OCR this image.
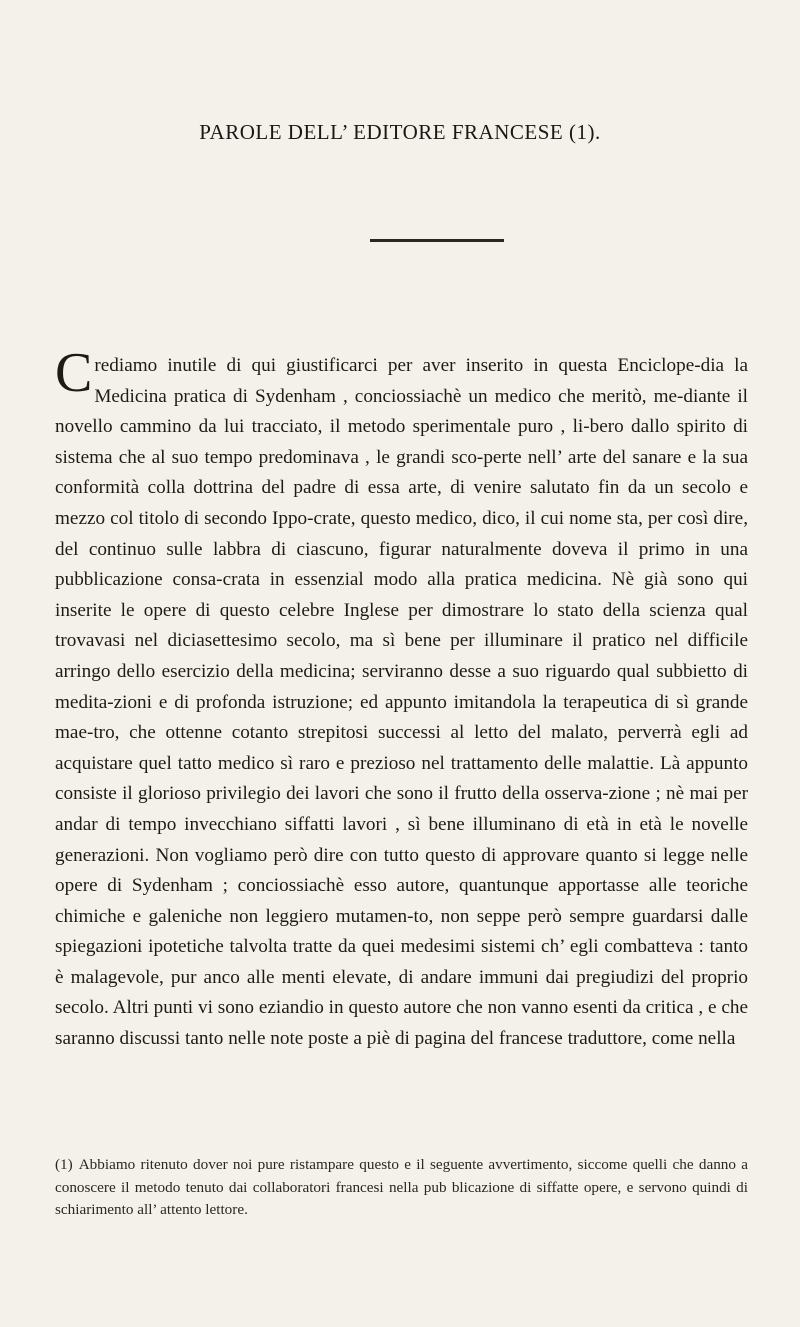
PAROLE DELL’ EDITORE FRANCESE (1).
Crediamo inutile di qui giustificarci per aver inserito in questa Enciclope-dia la Medicina pratica di Sydenham , conciossiachè un medico che meritò, me-diante il novello cammino da lui tracciato, il metodo sperimentale puro , li-bero dallo spirito di sistema che al suo tempo predominava , le grandi sco-perte nell’ arte del sanare e la sua conformità colla dottrina del padre di essa arte, di venire salutato fin da un secolo e mezzo col titolo di secondo Ippo-crate, questo medico, dico, il cui nome sta, per così dire, del continuo sulle labbra di ciascuno, figurar naturalmente doveva il primo in una pubblicazione consa-crata in essenzial modo alla pratica medicina. Nè già sono qui inserite le opere di questo celebre Inglese per dimostrare lo stato della scienza qual trovavasi nel diciasettesimo secolo, ma sì bene per illuminare il pratico nel difficile arringo dello esercizio della medicina; serviranno desse a suo riguardo qual subbietto di medita-zioni e di profonda istruzione; ed appunto imitandola la terapeutica di sì grande mae-tro, che ottenne cotanto strepitosi successi al letto del malato, perverrà egli ad acquistare quel tatto medico sì raro e prezioso nel trattamento delle malattie. Là appunto consiste il glorioso privilegio dei lavori che sono il frutto della osserva-zione ; nè mai per andar di tempo invecchiano siffatti lavori , sì bene illuminano di età in età le novelle generazioni. Non vogliamo però dire con tutto questo di approvare quanto si legge nelle opere di Sydenham ; conciossiachè esso autore, quantunque apportasse alle teoriche chimiche e galeniche non leggiero mutamen-to, non seppe però sempre guardarsi dalle spiegazioni ipotetiche talvolta tratte da quei medesimi sistemi ch’ egli combatteva : tanto è malagevole, pur anco alle menti elevate, di andare immuni dai pregiudizi del proprio secolo. Altri punti vi sono eziandio in questo autore che non vanno esenti da critica , e che saranno discussi tanto nelle note poste a piè di pagina del francese traduttore, come nella
(1) Abbiamo ritenuto dover noi pure ristampare questo e il seguente avvertimento, siccome quelli che danno a conoscere il metodo tenuto dai collaboratori francesi nella pub blicazione di siffatte opere, e servono quindi di schiarimento all’ attento lettore.
